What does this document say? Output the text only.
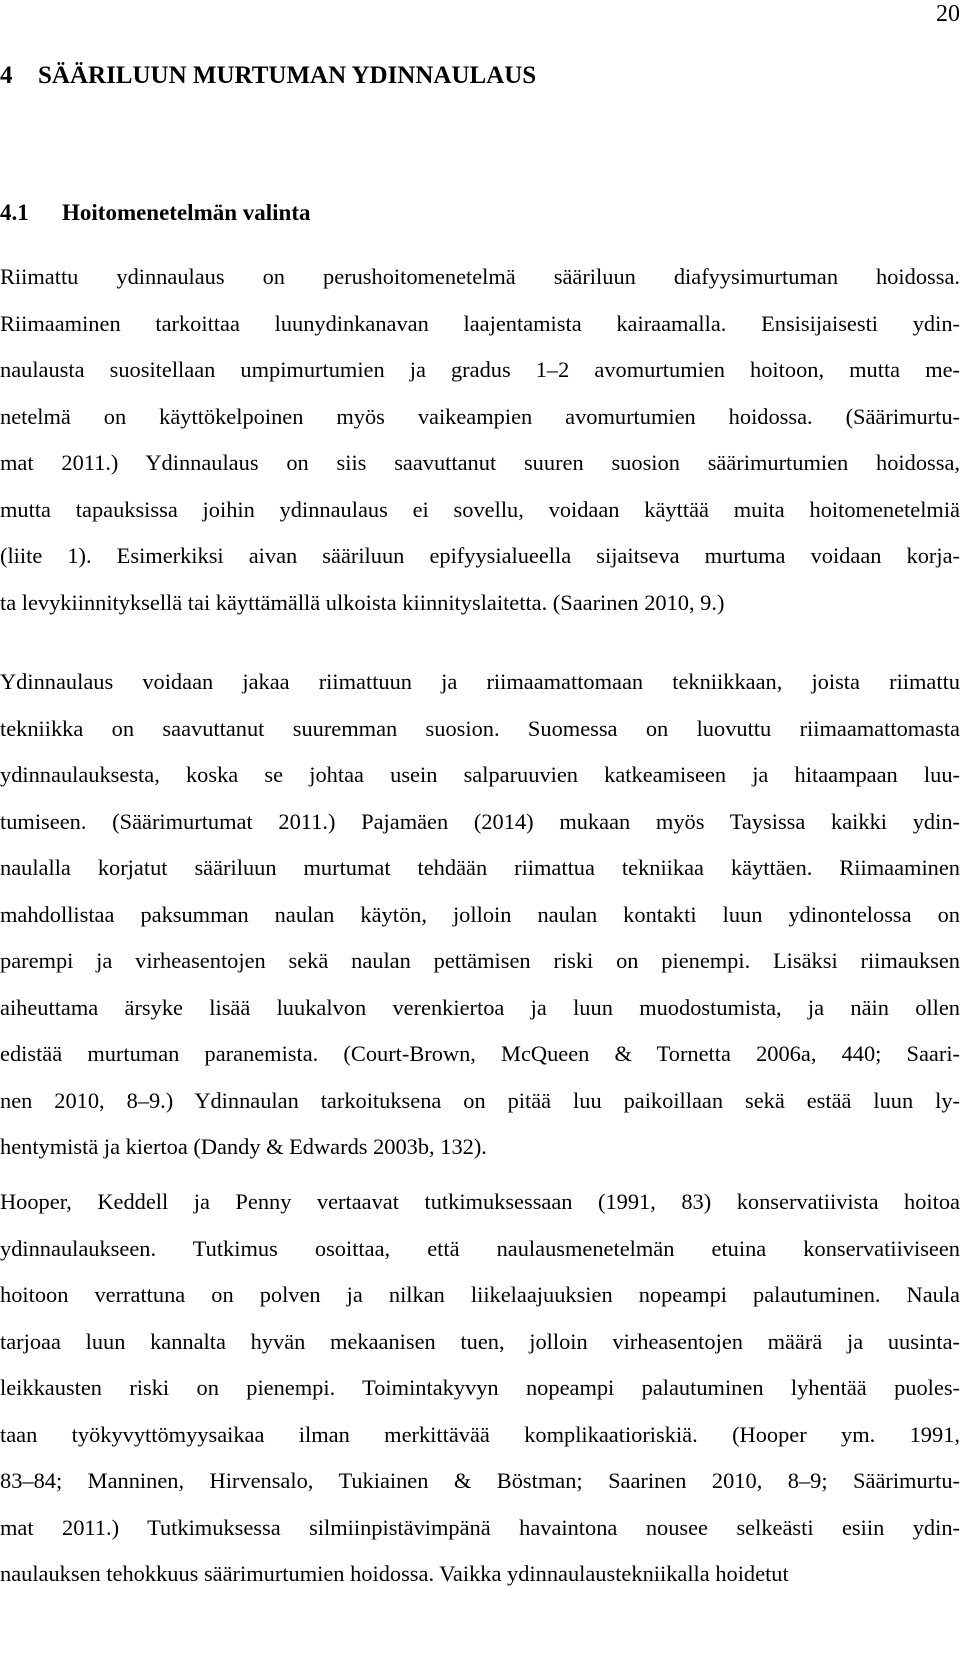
20
4 SÄÄRILUUN MURTUMAN YDINNAULAUS
4.1 Hoitomenetelmän valinta
Riimattu ydinnaulaus on perushoitomenetelmä sääriluun diafyysimurtuman hoidossa.
Riimaaminen tarkoittaa luunydinkanavan laajentamista kairaamalla. Ensisijaisesti ydin-
naulausta suositellaan umpimurtumien ja gradus 1–2 avomurtumien hoitoon, mutta me-
netelmä on käyttökelpoinen myös vaikeampien avomurtumien hoidossa. (Säärimurtu-
mat 2011.) Ydinnaulaus on siis saavuttanut suuren suosion säärimurtumien hoidossa,
mutta tapauksissa joihin ydinnaulaus ei sovellu, voidaan käyttää muita hoitomenetelmiä
(liite 1). Esimerkiksi aivan sääriluun epifyysialueella sijaitseva murtuma voidaan korja-
ta levykiinnityksellä tai käyttämällä ulkoista kiinnityslaitetta. (Saarinen 2010, 9.)
Ydinnaulaus voidaan jakaa riimattuun ja riimaamattomaan tekniikkaan, joista riimattu
tekniikka on saavuttanut suuremman suosion. Suomessa on luovuttu riimaamattomasta
ydinnaulauksesta, koska se johtaa usein salparuuvien katkeamiseen ja hitaampaan luu-
tumiseen. (Säärimurtumat 2011.) Pajamäen (2014) mukaan myös Taysissa kaikki ydin-
naulalla korjatut sääriluun murtumat tehdään riimattua tekniikaa käyttäen. Riimaaminen
mahdollistaa paksumman naulan käytön, jolloin naulan kontakti luun ydinontelossa on
parempi ja virheasentojen sekä naulan pettämisen riski on pienempi. Lisäksi riimauksen
aiheuttama ärsyke lisää luukalvon verenkiertoa ja luun muodostumista, ja näin ollen
edistää murtuman paranemista. (Court-Brown, McQueen & Tornetta 2006a, 440; Saari-
nen 2010, 8–9.) Ydinnaulan tarkoituksena on pitää luu paikoillaan sekä estää luun ly-
hentymistä ja kiertoa (Dandy & Edwards 2003b, 132).
Hooper, Keddell ja Penny vertaavat tutkimuksessaan (1991, 83) konservatiivista hoitoa
ydinnaulaukseen. Tutkimus osoittaa, että naulausmenetelmän etuina konservatiiviseen
hoitoon verrattuna on polven ja nilkan liikelaajuuksien nopeampi palautuminen. Naula
tarjoaa luun kannalta hyvän mekaanisen tuen, jolloin virheasentojen määrä ja uusinta-
leikkausten riski on pienempi. Toimintakyvyn nopeampi palautuminen lyhentää puoles-
taan työkyvyttömyysaikaa ilman merkittävää komplikaatioriskiä. (Hooper ym. 1991,
83–84; Manninen, Hirvensalo, Tukiainen & Böstman; Saarinen 2010, 8–9; Säärimurtu-
mat 2011.) Tutkimuksessa silmiinpistävimpänä havaintona nousee selkeästi esiin ydin-
naulauksen tehokkuus säärimurtumien hoidossa. Vaikka ydinnaulaustekniikalla hoidetut
